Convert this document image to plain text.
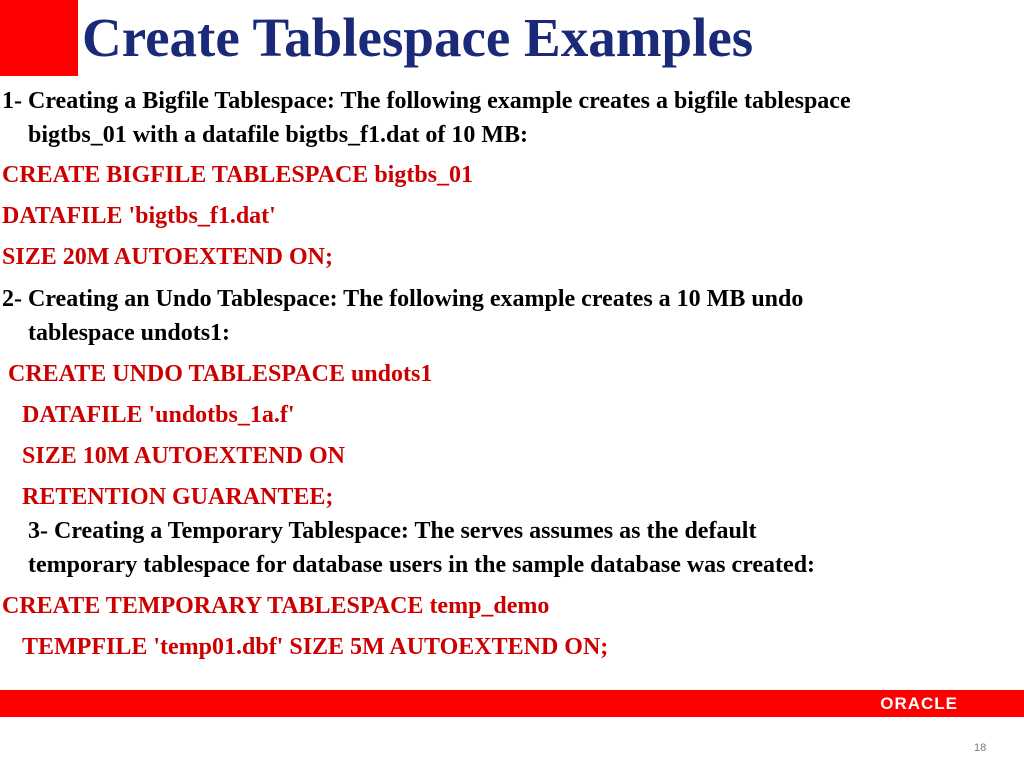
Create Tablespace Examples

1- Creating a Bigfile Tablespace: The following example creates a bigfile tablespace

bigtbs_01 with a datafile bigtbs_f1.dat of 10 MB:

CREATE BIGFILE TABLESPACE bigtbs_01

DATAFILE 'bigtbs_f1.dat'

SIZE 20M AUTOEXTEND ON;

2- Creating an Undo Tablespace: The following example creates a 10 MB undo

tablespace undots1:

CREATE UNDO TABLESPACE undots1

DATAFILE 'undotbs_1a.f'

SIZE 10M AUTOEXTEND ON

RETENTION GUARANTEE;

3- Creating a Temporary Tablespace: The serves assumes as the default

temporary tablespace for database users in the sample database was created:

CREATE TEMPORARY TABLESPACE temp_demo

TEMPFILE 'temp01.dbf' SIZE 5M AUTOEXTEND ON;

ORACLE
18
